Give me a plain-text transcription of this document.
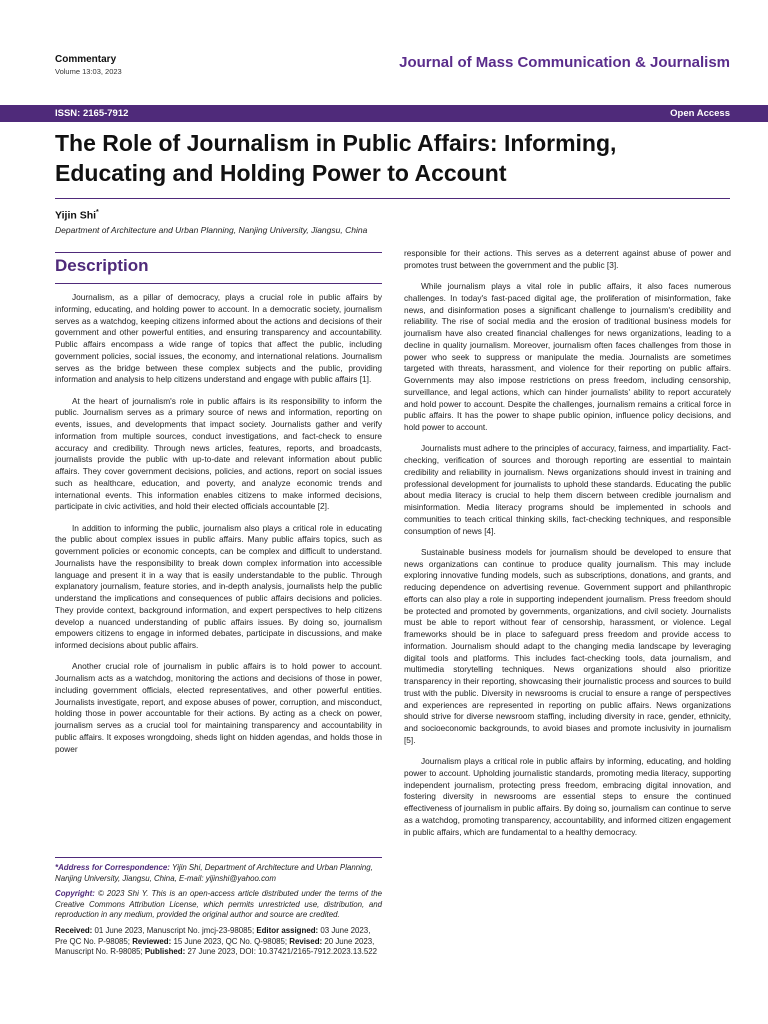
Commentary
Volume 13:03, 2023
Journal of Mass Communication & Journalism
ISSN: 2165-7912	Open Access
The Role of Journalism in Public Affairs: Informing, Educating and Holding Power to Account
Yijin Shi*
Department of Architecture and Urban Planning, Nanjing University, Jiangsu, China
Description

Journalism, as a pillar of democracy, plays a crucial role in public affairs by informing, educating, and holding power to account. In a democratic society, journalism serves as a watchdog, keeping citizens informed about the actions and decisions of their government and other powerful entities, and ensuring transparency and accountability. Public affairs encompass a wide range of topics that affect the public, including government policies, social issues, the economy, and international relations. Journalism serves as the bridge between these complex subjects and the public, providing information and analysis to help citizens understand and engage with public affairs [1].

At the heart of journalism's role in public affairs is its responsibility to inform the public. Journalism serves as a primary source of news and information, reporting on events, issues, and developments that impact society. Journalists gather and verify information from multiple sources, conduct investigations, and fact-check to ensure accuracy and credibility. Through news articles, features, reports, and broadcasts, journalists provide the public with up-to-date and relevant information about public affairs. They cover government decisions, policies, and actions, report on social issues such as healthcare, education, and poverty, and analyze economic trends and international events. This information enables citizens to make informed decisions, participate in civic activities, and hold their elected officials accountable [2].

In addition to informing the public, journalism also plays a critical role in educating the public about complex issues in public affairs. Many public affairs topics, such as government policies or economic concepts, can be complex and difficult to understand. Journalists have the responsibility to break down complex information into accessible language and present it in a way that is easily understandable to the public. Through explanatory journalism, feature stories, and in-depth analysis, journalists help the public understand the implications and consequences of public affairs decisions and policies. They provide context, background information, and expert perspectives to help citizens develop a nuanced understanding of public affairs issues. By doing so, journalism empowers citizens to engage in informed debates, participate in discussions, and make informed decisions about public affairs.

Another crucial role of journalism in public affairs is to hold power to account. Journalism acts as a watchdog, monitoring the actions and decisions of those in power, including government officials, elected representatives, and other powerful entities. Journalists investigate, report, and expose abuses of power, corruption, and misconduct, holding those in power accountable for their actions. By acting as a check on power, journalism serves as a crucial tool for maintaining transparency and accountability in public affairs. It exposes wrongdoing, sheds light on hidden agendas, and holds those in power

responsible for their actions. This serves as a deterrent against abuse of power and promotes trust between the government and the public [3].

While journalism plays a vital role in public affairs, it also faces numerous challenges. In today's fast-paced digital age, the proliferation of misinformation, fake news, and disinformation poses a significant challenge to journalism's credibility and reliability. The rise of social media and the erosion of traditional business models for journalism have also created financial challenges for news organizations, leading to a decline in quality journalism. Moreover, journalism often faces challenges from those in power who seek to suppress or manipulate the media. Journalists are sometimes targeted with threats, harassment, and violence for their reporting on public affairs. Governments may also impose restrictions on press freedom, including censorship, surveillance, and legal actions, which can hinder journalists' ability to report accurately and hold power to account. Despite the challenges, journalism remains a critical force in public affairs. It has the power to shape public opinion, influence policy decisions, and hold power to account.

Journalists must adhere to the principles of accuracy, fairness, and impartiality. Fact-checking, verification of sources and thorough reporting are essential to maintain credibility and reliability in journalism. News organizations should invest in training and professional development for journalists to uphold these standards. Educating the public about media literacy is crucial to help them discern between credible journalism and misinformation. Media literacy programs should be implemented in schools and communities to teach critical thinking skills, fact-checking techniques, and responsible consumption of news [4].

Sustainable business models for journalism should be developed to ensure that news organizations can continue to produce quality journalism. This may include exploring innovative funding models, such as subscriptions, donations, and grants, and reducing dependence on advertising revenue. Government support and philanthropic efforts can also play a role in supporting independent journalism. Press freedom should be protected and promoted by governments, organizations, and civil society. Journalists must be able to report without fear of censorship, harassment, or violence. Legal frameworks should be in place to safeguard press freedom and provide access to information. Journalism should adapt to the changing media landscape by leveraging digital tools and platforms. This includes fact-checking tools, data journalism, and multimedia storytelling techniques. News organizations should also prioritize transparency in their reporting, showcasing their journalistic process and sources to build trust with the public. Diversity in newsrooms is crucial to ensure a range of perspectives and experiences are represented in reporting on public affairs. News organizations should strive for diverse newsroom staffing, including diversity in race, gender, ethnicity, and socioeconomic backgrounds, to avoid biases and promote inclusivity in journalism [5].

Journalism plays a critical role in public affairs by informing, educating, and holding power to account. Upholding journalistic standards, promoting media literacy, supporting independent journalism, protecting press freedom, embracing digital innovation, and fostering diversity in newsrooms are essential steps to ensure the continued effectiveness of journalism in public affairs. By doing so, journalism can continue to serve as a watchdog, promoting transparency, accountability, and informed citizen engagement in public affairs, which are fundamental to a healthy democracy.

*Address for Correspondence: Yijin Shi, Department of Architecture and Urban Planning, Nanjing University, Jiangsu, China, E-mail: yijinshi@yahoo.com

Copyright: © 2023 Shi Y. This is an open-access article distributed under the terms of the Creative Commons Attribution License, which permits unrestricted use, distribution, and reproduction in any medium, provided the original author and source are credited.

Received: 01 June 2023, Manuscript No. jmcj-23-98085; Editor assigned: 03 June 2023, Pre QC No. P-98085; Reviewed: 15 June 2023, QC No. Q-98085; Revised: 20 June 2023, Manuscript No. R-98085; Published: 27 June 2023, DOI: 10.37421/2165-7912.2023.13.522
